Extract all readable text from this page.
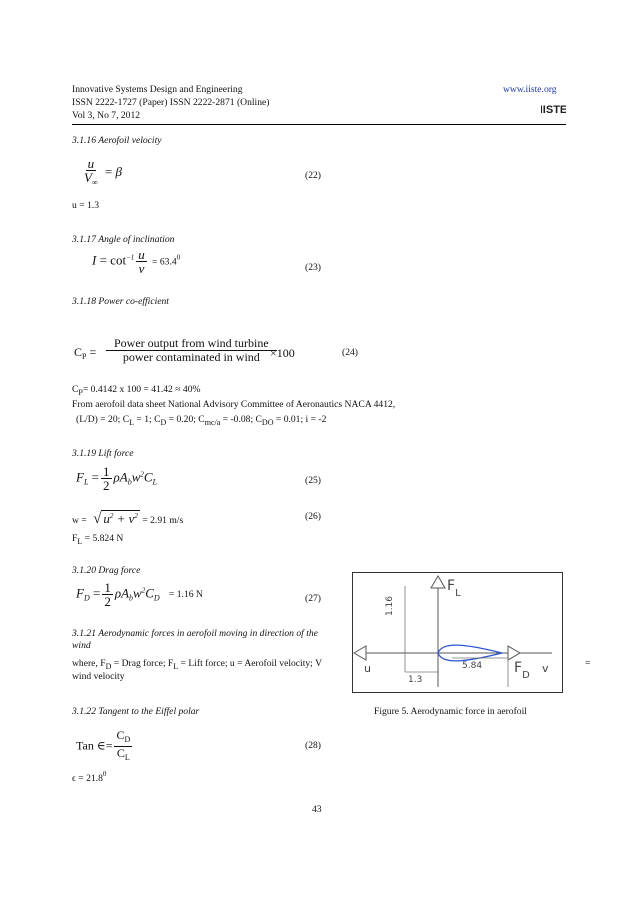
Innovative Systems Design and Engineering
ISSN 2222-1727 (Paper) ISSN 2222-2871 (Online)
Vol 3, No 7, 2012
www.iiste.org
IISTE
3.1.16 Aerofoil velocity
$\frac{u}{V_\infty} = \beta$	(22)
u = 1.3
3.1.17 Angle of inclination
$I = \cot^{-1} \frac{u}{v} = 63.4^0$
(23)
3.1.18 Power co-efficient
$C_P = \frac{\text{Power output from wind turbine}}{\text{power contaminated in wind}}$
×100	(24)
$C_P= 0.4142$ x 100 = 41.42 ≈ 40%
From aerofoil data sheet National Advisory Committee of Aeronautics NACA 4412,
(L/D) = 20; $C_L = 1$; $C_D = 0.20$; $C_{mc/a} = -0.08$; $C_{DO} = 0.01$; i = -2
3.1.19 Lift force
$F_L = \frac{1}{2} \rho A_bw^2C_L$	(25)
w = √ $u^2 + v^2 = 2.91$ m/s	(26)
$F_L = 5.824$ N
3.1.20 Drag force
$F_D = \frac{1}{2} \rho A_bw^2C_D = 1.16$ N	(27)
3.1.21 Aerodynamic forces in aerofoil moving in direction of the
wind
where, $F_D$ = Drag force; $F_L$ = Lift force; u = Aerofoil velocity; V
wind velocity
=
1.16
$F_L$
u
1.3
5.84 $F_D$
v
Figure 5. Aerodynamic force in aerofoil
3.1.22 Tangent to the Eiffel polar
Tan ∈= $\frac{C_D}{C_L}$	(28)
$\epsilon = 21.8^0$
43
